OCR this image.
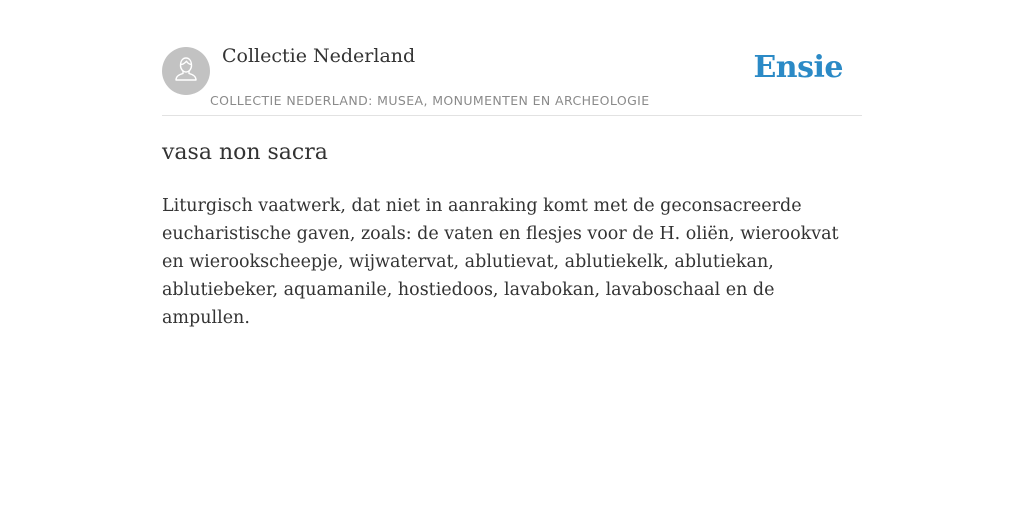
Collectie Nederland
COLLECTIE NEDERLAND: MUSEA, MONUMENTEN EN ARCHEOLOGIE
Ensie
vasa non sacra

Liturgisch vaatwerk, dat niet in aanraking komt met de geconsacreerde eucharistische gaven, zoals: de vaten en flesjes voor de H. oliën, wierookvat en wierookscheepje, wijwatervat, ablutievat, ablutiekelk, ablutiekan, ablutiebeker, aquamanile, hostiedoos, lavabokan, lavaboschaal en de ampullen.
